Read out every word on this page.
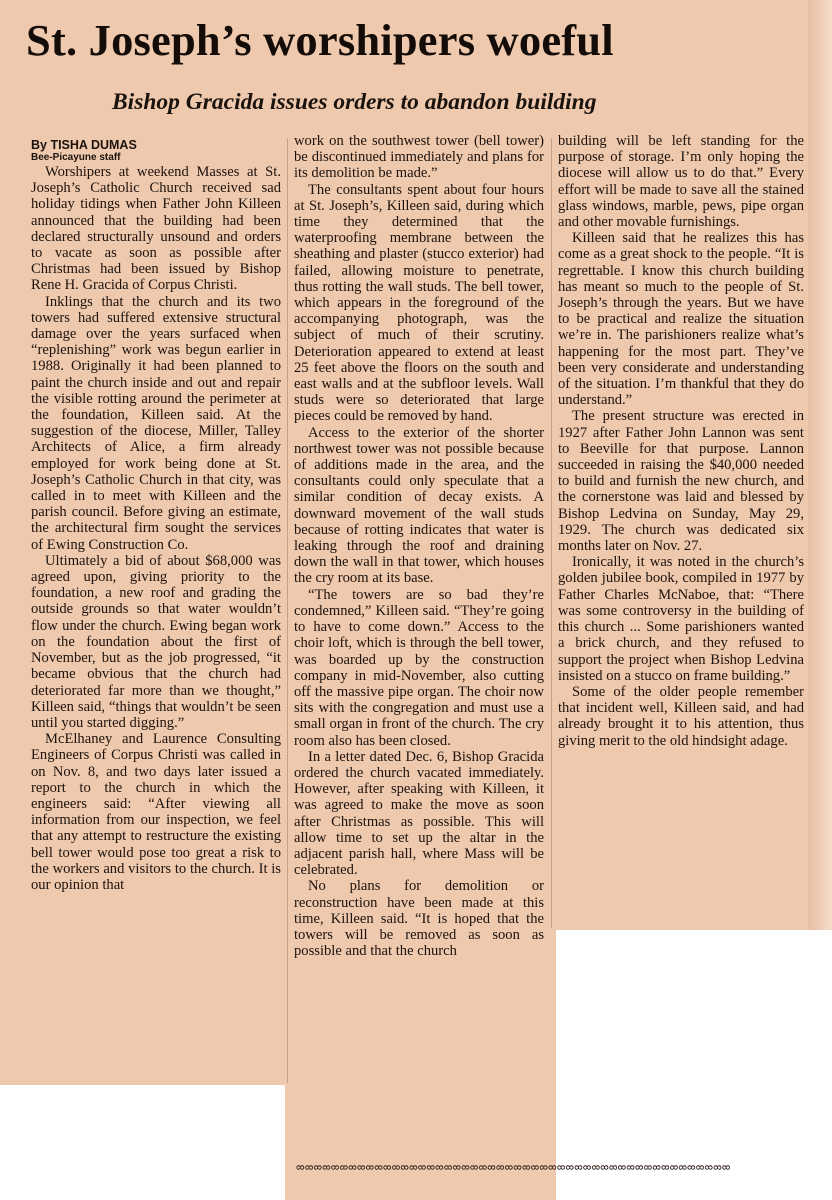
St. Joseph’s worshipers woeful
Bishop Gracida issues orders to abandon building

By TISHA DUMAS

Bee-Picayune staff

Worshipers at weekend Masses at St. Joseph’s Catholic Church received sad holiday tidings when Father John Killeen announced that the building had been declared structurally unsound and orders to vacate as soon as possible after Christmas had been issued by Bishop Rene H. Gracida of Corpus Christi.

Inklings that the church and its two towers had suffered extensive structural damage over the years surfaced when “replenishing” work was begun earlier in 1988. Originally it had been planned to paint the church inside and out and repair the visible rotting around the perimeter at the foundation, Killeen said. At the suggestion of the diocese, Miller, Talley Architects of Alice, a firm already employed for work being done at St. Joseph’s Catholic Church in that city, was called in to meet with Killeen and the parish council. Before giving an estimate, the architectural firm sought the services of Ewing Construction Co.

Ultimately a bid of about $68,000 was agreed upon, giving priority to the foundation, a new roof and grading the outside grounds so that water wouldn’t flow under the church. Ewing began work on the foundation about the first of November, but as the job progressed, “it became obvious that the church had deteriorated far more than we thought,” Killeen said, “things that wouldn’t be seen until you started digging.”

McElhaney and Laurence Consulting Engineers of Corpus Christi was called in on Nov. 8, and two days later issued a report to the church in which the engineers said: “After viewing all information from our inspection, we feel that any attempt to restructure the existing bell tower would pose too great a risk to the workers and visitors to the church. It is our opinion that

work on the southwest tower (bell tower) be discontinued immediately and plans for its demolition be made.”

The consultants spent about four hours at St. Joseph’s, Killeen said, during which time they determined that the waterproofing membrane between the sheathing and plaster (stucco exterior) had failed, allowing moisture to penetrate, thus rotting the wall studs. The bell tower, which appears in the foreground of the accompanying photograph, was the subject of much of their scrutiny. Deterioration appeared to extend at least 25 feet above the floors on the south and east walls and at the subfloor levels. Wall studs were so deteriorated that large pieces could be removed by hand.

Access to the exterior of the shorter northwest tower was not possible because of additions made in the area, and the consultants could only speculate that a similar condition of decay exists. A downward movement of the wall studs because of rotting indicates that water is leaking through the roof and draining down the wall in that tower, which houses the cry room at its base.

“The towers are so bad they’re condemned,” Killeen said. “They’re going to have to come down.” Access to the choir loft, which is through the bell tower, was boarded up by the construction company in mid-November, also cutting off the massive pipe organ. The choir now sits with the congregation and must use a small organ in front of the church. The cry room also has been closed.

In a letter dated Dec. 6, Bishop Gracida ordered the church vacated immediately. However, after speaking with Killeen, it was agreed to make the move as soon after Christmas as possible. This will allow time to set up the altar in the adjacent parish hall, where Mass will be celebrated.

No plans for demolition or reconstruction have been made at this time, Killeen said. “It is hoped that the towers will be removed as soon as possible and that the church

building will be left standing for the purpose of storage. I’m only hoping the diocese will allow us to do that.” Every effort will be made to save all the stained glass windows, marble, pews, pipe organ and other movable furnishings.

Killeen said that he realizes this has come as a great shock to the people. “It is regrettable. I know this church building has meant so much to the people of St. Joseph’s through the years. But we have to be practical and realize the situation we’re in. The parishioners realize what’s happening for the most part. They’ve been very considerate and understanding of the situation. I’m thankful that they do understand.”

The present structure was erected in 1927 after Father John Lannon was sent to Beeville for that purpose. Lannon succeeded in raising the $40,000 needed to build and furnish the new church, and the cornerstone was laid and blessed by Bishop Ledvina on Sunday, May 29, 1929. The church was dedicated six months later on Nov. 27.

Ironically, it was noted in the church’s golden jubilee book, compiled in 1977 by Father Charles McNaboe, that: “There was some controversy in the building of this church ... Some parishioners wanted a brick church, and they refused to support the project when Bishop Ledvina insisted on a stucco on frame building.”

Some of the older people remember that incident well, Killeen said, and had already brought it to his attention, thus giving merit to the old hindsight adage.

ᢁᢁᢁᢁᢁᢁᢁᢁᢁᢁᢁᢁᢁᢁᢁᢁᢁᢁᢁᢁᢁᢁᢁᢁᢁᢁᢁᢁᢁᢁᢁᢁᢁᢁᢁᢁᢁᢁᢁᢁᢁᢁᢁᢁᢁᢁᢁᢁᢁᢁ
